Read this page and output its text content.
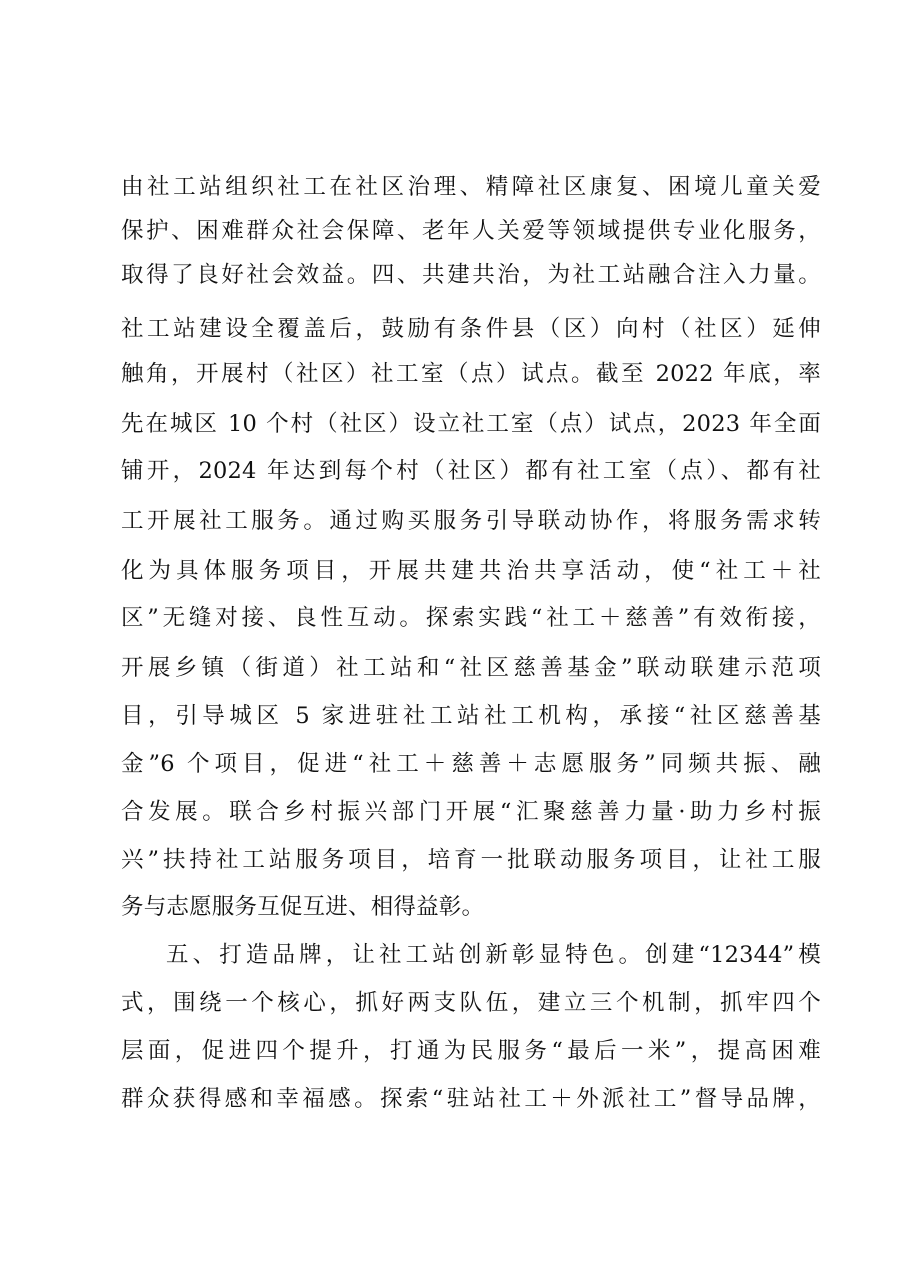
由社工站组织社工在社区治理、精障社区康复、困境儿童关爱
保护、困难群众社会保障、老年人关爱等领域提供专业化服务，
取得了良好社会效益。四、共建共治，为社工站融合注入力量。
社工站建设全覆盖后，鼓励有条件县（区）向村（社区）延伸
触角，开展村（社区）社工室（点）试点。截至 2022 年底，率
先在城区 10 个村（社区）设立社工室（点）试点，2023 年全面
铺开，2024 年达到每个村（社区）都有社工室（点）、都有社
工开展社工服务。通过购买服务引导联动协作，将服务需求转
化为具体服务项目，开展共建共治共享活动，使“社工＋社
区”无缝对接、良性互动。探索实践“社工＋慈善”有效衔接，
开展乡镇（街道）社工站和“社区慈善基金”联动联建示范项
目，引导城区 5 家进驻社工站社工机构，承接“社区慈善基
金”6 个项目，促进“社工＋慈善＋志愿服务”同频共振、融
合发展。联合乡村振兴部门开展“汇聚慈善力量·助力乡村振
兴”扶持社工站服务项目，培育一批联动服务项目，让社工服
务与志愿服务互促互进、相得益彰。
五、打造品牌，让社工站创新彰显特色。创建“12344”模
式，围绕一个核心，抓好两支队伍，建立三个机制，抓牢四个
层面，促进四个提升，打通为民服务“最后一米”，提高困难
群众获得感和幸福感。探索“驻站社工＋外派社工”督导品牌，
